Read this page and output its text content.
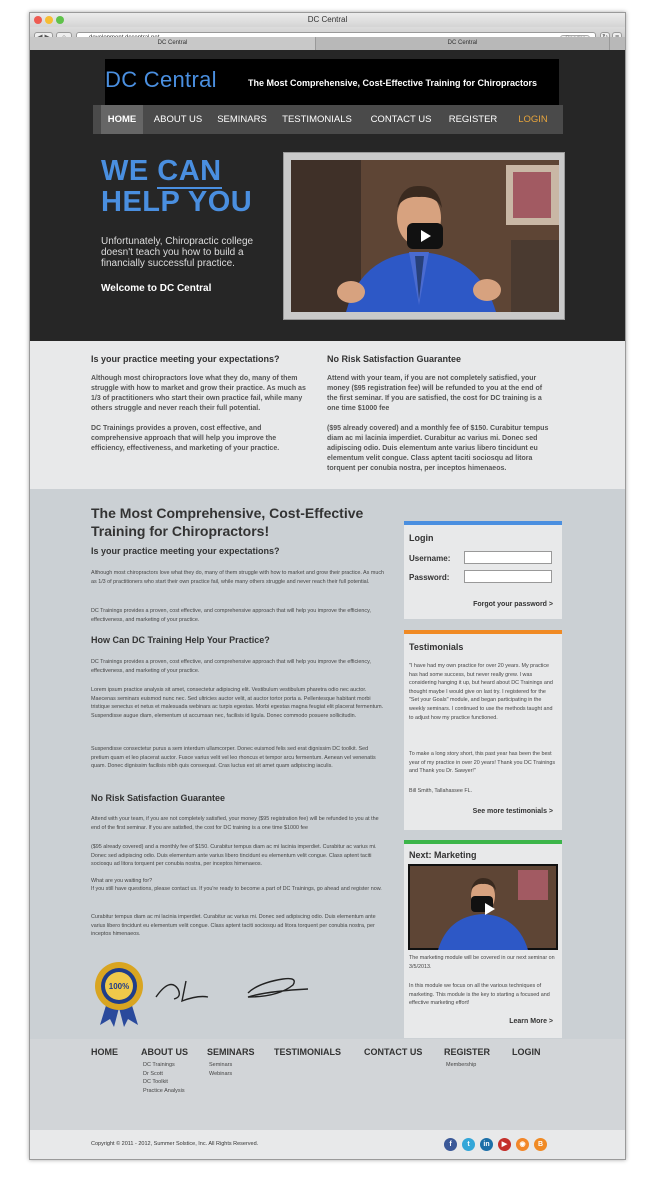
DC Central
DC Central	DC Central
DC Central	The Most Comprehensive, Cost-Effective Training for Chiropractors
HOME	ABOUT US	SEMINARS	TESTIMONIALS	CONTACT US	REGISTER	LOGIN
WE CAN
HELP YOU
Unfortunately, Chiropractic college doesn't teach you how to build a financially successful practice.
Welcome to DC Central
Is your practice meeting your expectations?
Although most chiropractors love what they do, many of them struggle with how to market and grow their practice. As much as 1/3 of practitioners who start their own practice fail, while many others struggle and never reach their full potential.
DC Trainings provides a proven, cost effective, and comprehensive approach that will help you improve the efficiency, effectiveness, and marketing of your practice.
No Risk Satisfaction Guarantee
Attend with your team, if you are not completely satisfied, your money ($95 registration fee) will be refunded to you at the end of the first seminar. If you are satisfied, the cost for DC training is a one time $1000 fee
($95 already covered) and a monthly fee of $150. Curabitur tempus diam ac mi lacinia imperdiet. Curabitur ac varius mi. Donec sed adipiscing odio. Duis elementum ante varius libero tincidunt eu elementum velit congue. Class aptent taciti sociosqu ad litora torquent per conubia nostra, per inceptos himenaeos.
The Most Comprehensive, Cost-Effective Training for Chiropractors!
Is your practice meeting your expectations?
Although most chiropractors love what they do, many of them struggle with how to market and grow their practice. As much as 1/3 of practitioners who start their own practice fail, while many others struggle and never reach their full potential.
DC Trainings provides a proven, cost effective, and comprehensive approach that will help you improve the efficiency, effectiveness, and marketing of your practice.
How Can DC Training Help Your Practice?
DC Trainings provides a proven, cost effective, and comprehensive approach that will help you improve the efficiency, effectiveness, and marketing of your practice.
Lorem ipsum practice analysis sit amet, consectetur adipiscing elit. Vestibulum vestibulum pharetra odio nec auctor. Maecenas seminars euismod nunc nec. Sed ultricies auctor velit, at auctor tortor porta a. Pellentesque habitant morbi tristique senectus et netus et malesuada webinars ac turpis egestas. Morbi egestas magna feugiat elit placerat fermentum. Suspendisse augue diam, elementum ut accumsan nec, facilisis id ligula. Donec commodo posuere sollicitudin.
Suspendisse consectetur purus a sem interdum ullamcorper. Donec euismod felis sed erat dignissim DC toolkit. Sed pretium quam et leo placerat auctor. Fusce varius velit vel leo rhoncus et tempor arcu fermentum. Aenean vel venenatis quam. Donec dignissim facilisis nibh quis consequat. Cras luctus est sit amet quam adipiscing iaculis.
No Risk Satisfaction Guarantee
Attend with your team, if you are not completely satisfied, your money ($95 registration fee) will be refunded to you at the end of the first seminar. If you are satisfied, the cost for DC training is a one time $1000 fee
($95 already covered) and a monthly fee of $150. Curabitur tempus diam ac mi lacinia imperdiet. Curabitur ac varius mi. Donec sed adipiscing odio. Duis elementum ante varius libero tincidunt eu elementum velit congue. Class aptent taciti sociosqu ad litora torquent per conubia nostra, per inceptos himenaeos.
What are you waiting for?
If you still have questions, please contact us. If you're ready to become a part of DC Trainings, go ahead and register now.
Curabitur tempus diam ac mi lacinia imperdiet. Curabitur ac varius mi. Donec sed adipiscing odio. Duis elementum ante varius libero tincidunt eu elementum velit congue. Class aptent taciti sociosqu ad litora torquent per conubia nostra, per inceptos himenaeos.
100%
Login
Username:
Password:
Forgot your password >
Testimonials
"I have had my own practice for over 20 years. My practice has had some success, but never really grew. I was considering hanging it up, but heard about DC Trainings and thought maybe I would give on last try. I registered for the "Set your Goals" module, and began participating in the weekly seminars. I continued to use the methods taught and to adjust how my practice functioned.
To make a long story short, this past year has been the best year of my practice in over 20 years! Thank you DC Trainings and Thank you Dr. Sawyer!"
Bill Smith, Tallahassee FL.
See more testimonials >
Next: Marketing
The marketing module will be covered in our next seminar on 3/5/2013.
In this module we focus on all the various techniques of marketing. This module is the key to starting a focused and effective marketing effort!
Learn More >
HOME	ABOUT US
DC Trainings
Dr Scott
DC Toolkit
Practice Analysis
SEMINARS
Seminars
Webinars
TESTIMONIALS	CONTACT US REGISTER
Membership
LOGIN
Copyright © 2011 - 2012, Summer Solstice, Inc. All Rights Reserved.	f	t	in	▶	◉	B
